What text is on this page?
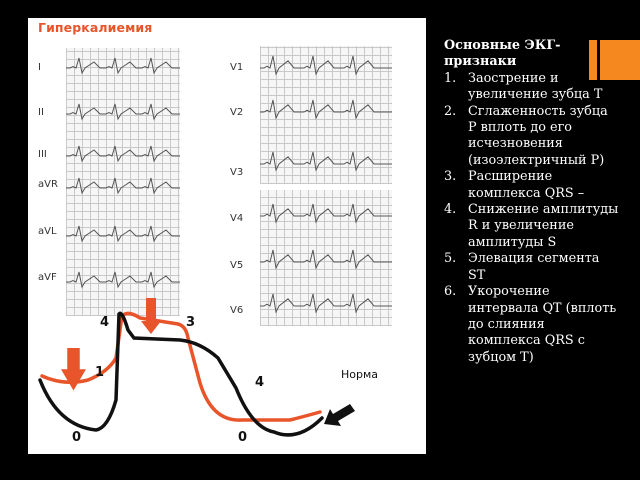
Гиперкалиемия
I
II
III
aVR
aVL
aVF
V1
V2
V3
V4
V5
V6
4	3
1
4
0	0
Норма
Основные ЭКГ-признаки
1. Заострение и увеличение зубца T
2. Сглаженность зубца P вплоть до его исчезновения (изоэлектричный P)
3. Расширение комплекса QRS –
4. Снижение амплитуды R и увеличение амплитуды S
5. Элевация сегмента ST
6. Укорочение интервала QT (вплоть до слияния комплекса QRS с зубцом T)
